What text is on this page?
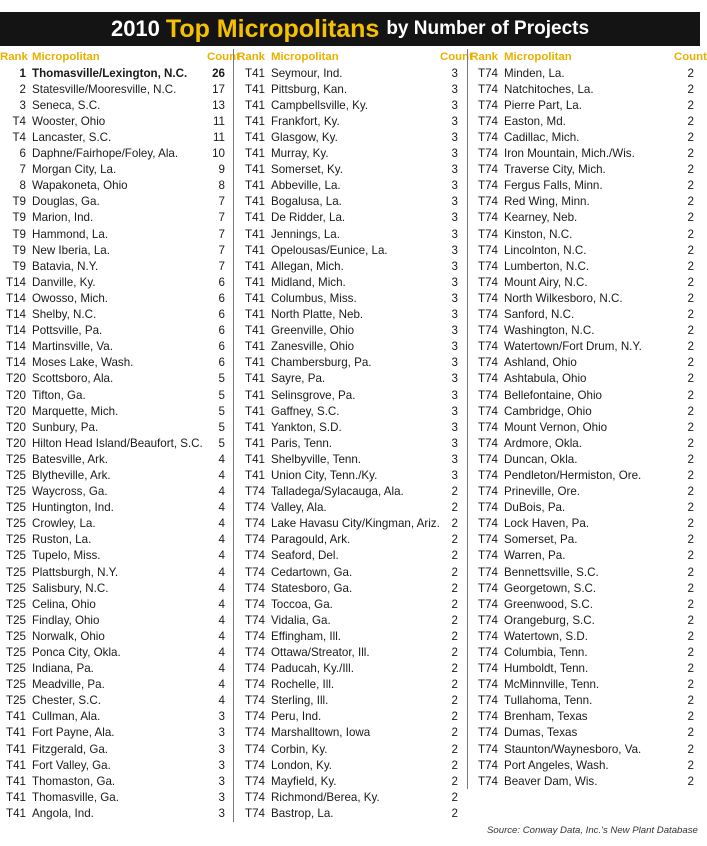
2010 Top Micropolitans by Number of Projects
Rank Micropolitan	Count
1 Thomasville/Lexington, N.C.	26
2 Statesville/Mooresville, N.C.	17
3 Seneca, S.C.	13
T4 Wooster, Ohio	11
T4 Lancaster, S.C.	11
6 Daphne/Fairhope/Foley, Ala.	10
7 Morgan City, La.	9
8 Wapakoneta, Ohio	8
T9 Douglas, Ga.	7
T9 Marion, Ind.	7
T9 Hammond, La.	7
T9 New Iberia, La.	7
T9 Batavia, N.Y.	7
T14 Danville, Ky.	6
T14 Owosso, Mich.	6
T14 Shelby, N.C.	6
T14 Pottsville, Pa.	6
T14 Martinsville, Va.	6
T14 Moses Lake, Wash.	6
T20 Scottsboro, Ala.	5
T20 Tifton, Ga.	5
T20 Marquette, Mich.	5
T20 Sunbury, Pa.	5
T20 Hilton Head Island/Beaufort, S.C.	5
T25 Batesville, Ark.	4
T25 Blytheville, Ark.	4
T25 Waycross, Ga.	4
T25 Huntington, Ind.	4
T25 Crowley, La.	4
T25 Ruston, La.	4
T25 Tupelo, Miss.	4
T25 Plattsburgh, N.Y.	4
T25 Salisbury, N.C.	4
T25 Celina, Ohio	4
T25 Findlay, Ohio	4
T25 Norwalk, Ohio	4
T25 Ponca City, Okla.	4
T25 Indiana, Pa.	4
T25 Meadville, Pa.	4
T25 Chester, S.C.	4
T41 Cullman, Ala.	3
T41 Fort Payne, Ala.	3
T41 Fitzgerald, Ga.	3
T41 Fort Valley, Ga.	3
T41 Thomaston, Ga.	3
T41 Thomasville, Ga.	3
T41 Angola, Ind.	3
Rank Micropolitan	Count
T41 Seymour, Ind.	3
T41 Pittsburg, Kan.	3
T41 Campbellsville, Ky.	3
T41 Frankfort, Ky.	3
T41 Glasgow, Ky.	3
T41 Murray, Ky.	3
T41 Somerset, Ky.	3
T41 Abbeville, La.	3
T41 Bogalusa, La.	3
T41 De Ridder, La.	3
T41 Jennings, La.	3
T41 Opelousas/Eunice, La.	3
T41 Allegan, Mich.	3
T41 Midland, Mich.	3
T41 Columbus, Miss.	3
T41 North Platte, Neb.	3
T41 Greenville, Ohio	3
T41 Zanesville, Ohio	3
T41 Chambersburg, Pa.	3
T41 Sayre, Pa.	3
T41 Selinsgrove, Pa.	3
T41 Gaffney, S.C.	3
T41 Yankton, S.D.	3
T41 Paris, Tenn.	3
T41 Shelbyville, Tenn.	3
T41 Union City, Tenn./Ky.	3
T74 Talladega/Sylacauga, Ala.	2
T74 Valley, Ala.	2
T74 Lake Havasu City/Kingman, Ariz.	2
T74 Paragould, Ark.	2
T74 Seaford, Del.	2
T74 Cedartown, Ga.	2
T74 Statesboro, Ga.	2
T74 Toccoa, Ga.	2
T74 Vidalia, Ga.	2
T74 Effingham, Ill.	2
T74 Ottawa/Streator, Ill.	2
T74 Paducah, Ky./Ill.	2
T74 Rochelle, Ill.	2
T74 Sterling, Ill.	2
T74 Peru, Ind.	2
T74 Marshalltown, Iowa	2
T74 Corbin, Ky.	2
T74 London, Ky.	2
T74 Mayfield, Ky.	2
T74 Richmond/Berea, Ky.	2
T74 Bastrop, La.	2
Rank Micropolitan	Count
T74 Minden, La.	2
T74 Natchitoches, La.	2
T74 Pierre Part, La.	2
T74 Easton, Md.	2
T74 Cadillac, Mich.	2
T74 Iron Mountain, Mich./Wis.	2
T74 Traverse City, Mich.	2
T74 Fergus Falls, Minn.	2
T74 Red Wing, Minn.	2
T74 Kearney, Neb.	2
T74 Kinston, N.C.	2
T74 Lincolnton, N.C.	2
T74 Lumberton, N.C.	2
T74 Mount Airy, N.C.	2
T74 North Wilkesboro, N.C.	2
T74 Sanford, N.C.	2
T74 Washington, N.C.	2
T74 Watertown/Fort Drum, N.Y.	2
T74 Ashland, Ohio	2
T74 Ashtabula, Ohio	2
T74 Bellefontaine, Ohio	2
T74 Cambridge, Ohio	2
T74 Mount Vernon, Ohio	2
T74 Ardmore, Okla.	2
T74 Duncan, Okla.	2
T74 Pendleton/Hermiston, Ore.	2
T74 Prineville, Ore.	2
T74 DuBois, Pa.	2
T74 Lock Haven, Pa.	2
T74 Somerset, Pa.	2
T74 Warren, Pa.	2
T74 Bennettsville, S.C.	2
T74 Georgetown, S.C.	2
T74 Greenwood, S.C.	2
T74 Orangeburg, S.C.	2
T74 Watertown, S.D.	2
T74 Columbia, Tenn.	2
T74 Humboldt, Tenn.	2
T74 McMinnville, Tenn.	2
T74 Tullahoma, Tenn.	2
T74 Brenham, Texas	2
T74 Dumas, Texas	2
T74 Staunton/Waynesboro, Va.	2
T74 Port Angeles, Wash.	2
T74 Beaver Dam, Wis.	2
Source: Conway Data, Inc.'s New Plant Database
